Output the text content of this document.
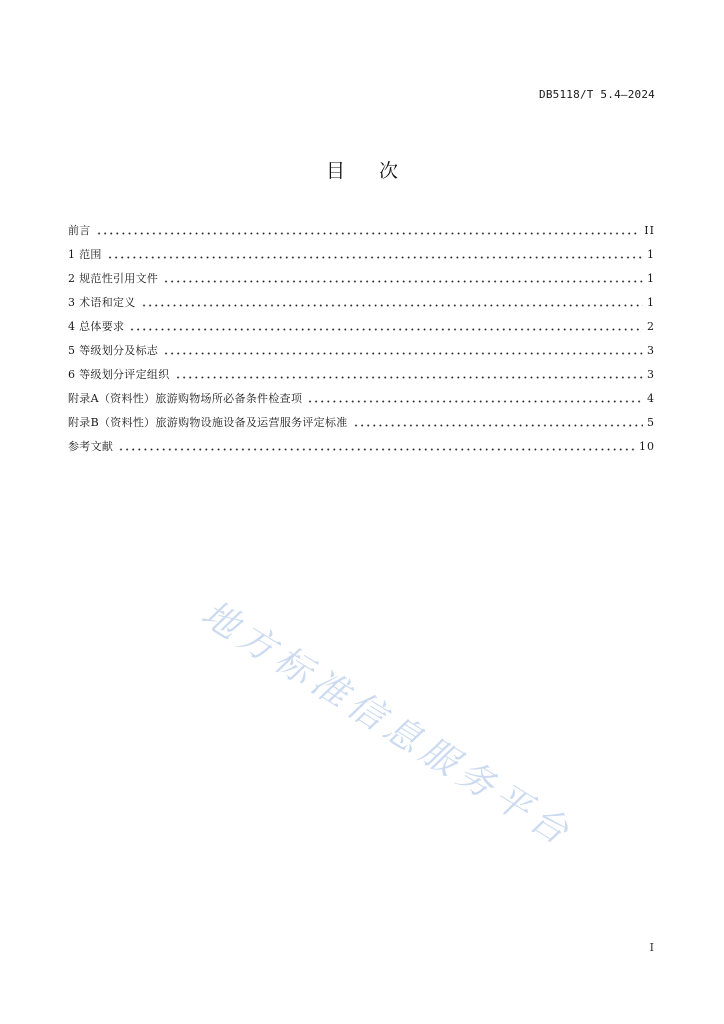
DB5118/T 5.4—2024
目 次
前言	II
1 范围	1
2 规范性引用文件	1
3 术语和定义	1
4 总体要求	2
5 等级划分及标志	3
6 等级划分评定组织	3
附录A（资料性）旅游购物场所必备条件检查项	4
附录B（资料性）旅游购物设施设备及运营服务评定标准	5
参考文献	10
地方标准信息服务平台
I
